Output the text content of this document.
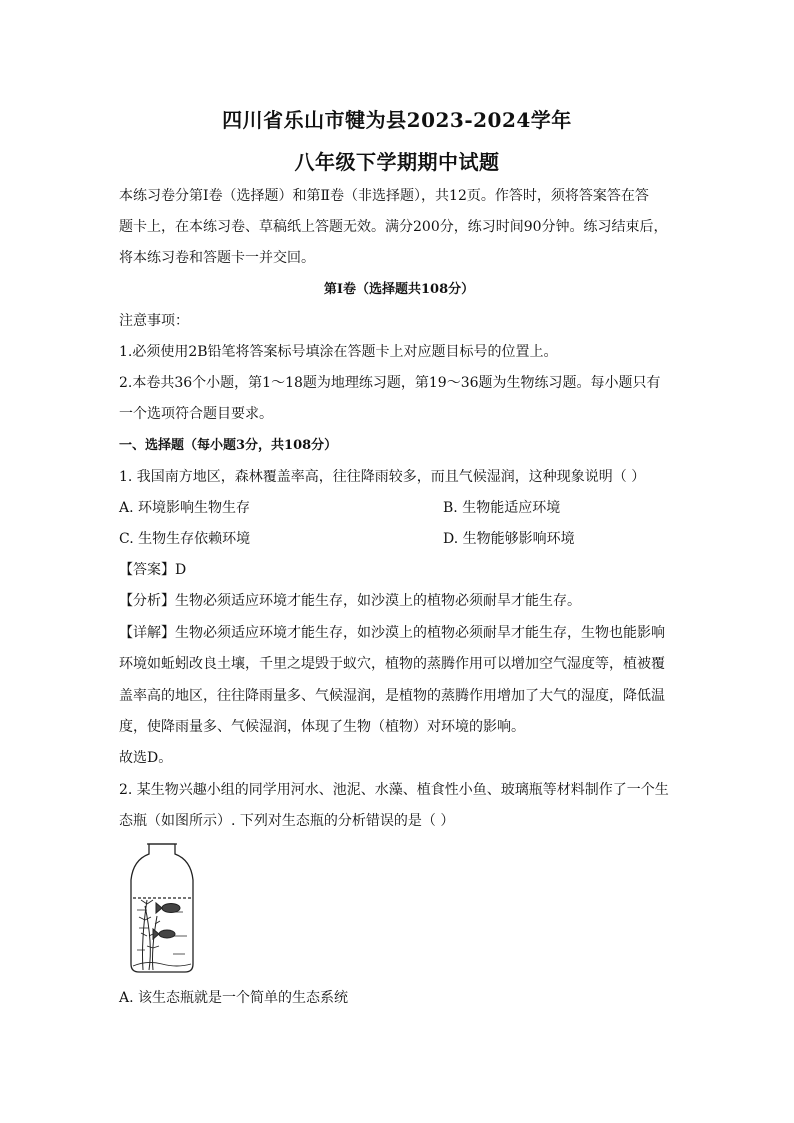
四川省乐山市犍为县2023-2024学年
八年级下学期期中试题
本练习卷分第Ⅰ卷（选择题）和第Ⅱ卷（非选择题），共12页。作答时，须将答案答在答
题卡上，在本练习卷、草稿纸上答题无效。满分200分，练习时间90分钟。练习结束后，
将本练习卷和答题卡一并交回。
第Ⅰ卷（选择题共108分）
注意事项：
1.必须使用2B铅笔将答案标号填涂在答题卡上对应题目标号的位置上。
2.本卷共36个小题，第1～18题为地理练习题，第19～36题为生物练习题。每小题只有
一个选项符合题目要求。
一、选择题（每小题3分，共108分）
1. 我国南方地区，森林覆盖率高，往往降雨较多，而且气候湿润，这种现象说明（ ）
A. 环境影响生物生存	B. 生物能适应环境
C. 生物生存依赖环境	D. 生物能够影响环境
【答案】D
【分析】生物必须适应环境才能生存，如沙漠上的植物必须耐旱才能生存。
【详解】生物必须适应环境才能生存，如沙漠上的植物必须耐旱才能生存，生物也能影响
环境如蚯蚓改良土壤，千里之堤毁于蚁穴，植物的蒸腾作用可以增加空气湿度等，植被覆
盖率高的地区，往往降雨量多、气候湿润，是植物的蒸腾作用增加了大气的湿度，降低温
度，使降雨量多、气候湿润，体现了生物（植物）对环境的影响。
故选D。
2. 某生物兴趣小组的同学用河水、池泥、水藻、植食性小鱼、玻璃瓶等材料制作了一个生
态瓶（如图所示）. 下列对生态瓶的分析错误的是（ ）
A. 该生态瓶就是一个简单的生态系统
